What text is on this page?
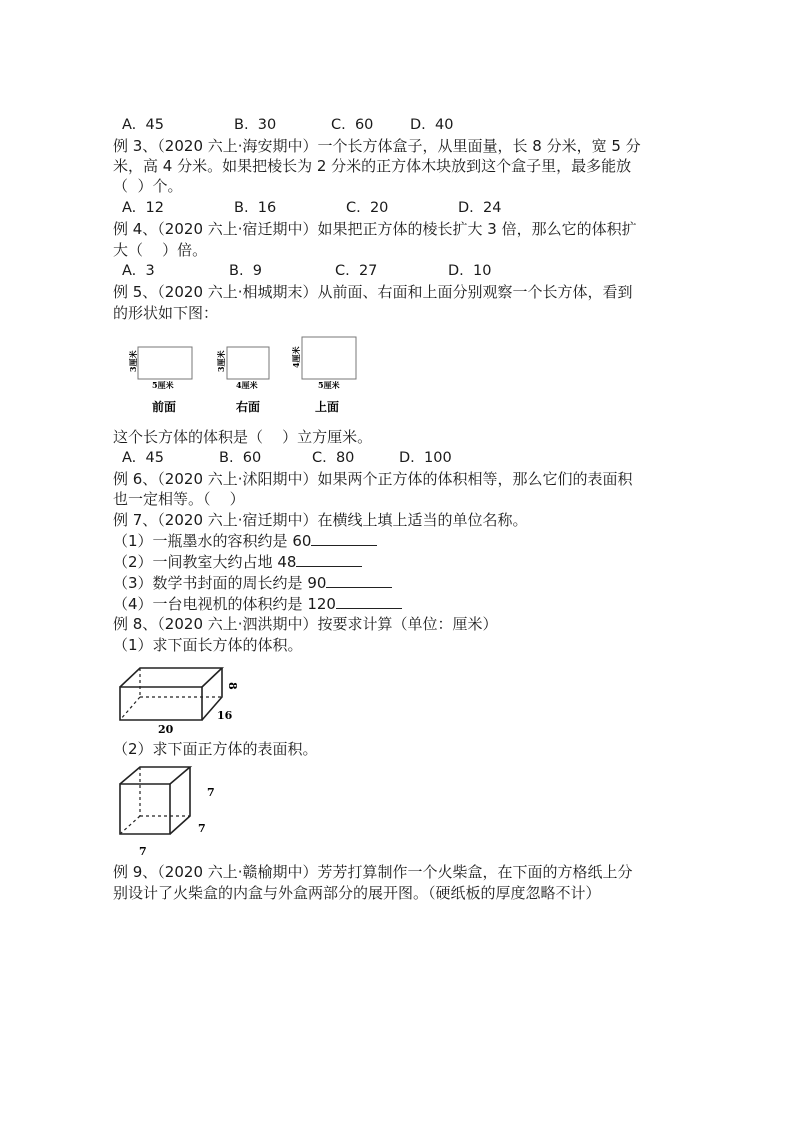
A.  45	B.  30	C.  60	D.  40
例 3、（2020 六上·海安期中）一个长方体盒子，从里面量，长 8 分米，宽 5 分
米，高 4 分米。如果把棱长为 2 分米的正方体木块放到这个盒子里，最多能放
（  ）个。
A.  12	B.  16	C.  20	D.  24
例 4、（2020 六上·宿迁期中）如果把正方体的棱长扩大 3 倍，那么它的体积扩
大（    ）倍。
A.  3	B.  9	C.  27	D.  10
例 5、（2020 六上·相城期末）从前面、右面和上面分别观察一个长方体，看到
的形状如下图：
3厘米
5厘米
3厘米
4厘米
4厘米
5厘米
前面	右面	上面
这个长方体的体积是（    ）立方厘米。
A.  45	B.  60	C.  80	D.  100
例 6、（2020 六上·沭阳期中）如果两个正方体的体积相等，那么它们的表面积
也一定相等。（    ）
例 7、（2020 六上·宿迁期中）在横线上填上适当的单位名称。
（1）一瓶墨水的容积约是 60
（2）一间教室大约占地 48
（3）数学书封面的周长约是 90
（4）一台电视机的体积约是 120
例 8、（2020 六上·泗洪期中）按要求计算（单位：厘米）
（1）求下面长方体的体积。
20
16
8
（2）求下面正方体的表面积。
7
7
7
例 9、（2020 六上·赣榆期中）芳芳打算制作一个火柴盒，在下面的方格纸上分
别设计了火柴盒的内盒与外盒两部分的展开图。（硬纸板的厚度忽略不计）
